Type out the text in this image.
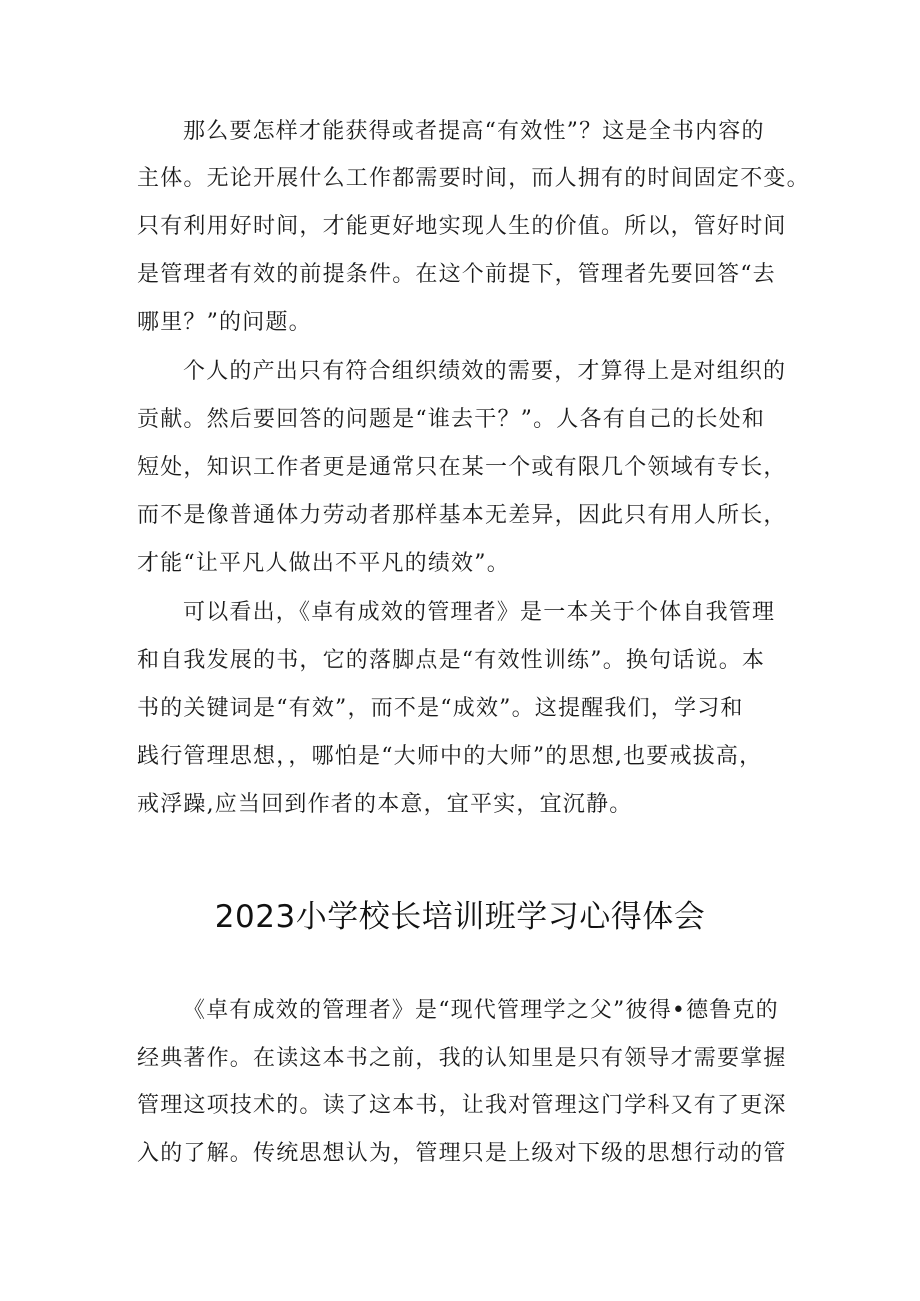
那么要怎样才能获得或者提高“有效性”？这是全书内容的
主体。无论开展什么工作都需要时间，而人拥有的时间固定不变。
只有利用好时间，才能更好地实现人生的价值。所以，管好时间
是管理者有效的前提条件。在这个前提下，管理者先要回答“去
哪里？”的问题。
个人的产出只有符合组织绩效的需要，才算得上是对组织的
贡献。然后要回答的问题是“谁去干？”。人各有自己的长处和
短处，知识工作者更是通常只在某一个或有限几个领域有专长，
而不是像普通体力劳动者那样基本无差异，因此只有用人所长，
才能“让平凡人做出不平凡的绩效”。
可以看出，《卓有成效的管理者》是一本关于个体自我管理
和自我发展的书，它的落脚点是“有效性训练”。换句话说。本
书的关键词是“有效”，而不是“成效”。这提醒我们，学习和
践行管理思想，，哪怕是“大师中的大师”的思想,也要戒拔高，
戒浮躁,应当回到作者的本意，宜平实，宜沉静。
2023小学校长培训班学习心得体会
《卓有成效的管理者》是“现代管理学之父”彼得•德鲁克的
经典著作。在读这本书之前，我的认知里是只有领导才需要掌握
管理这项技术的。读了这本书，让我对管理这门学科又有了更深
入的了解。传统思想认为，管理只是上级对下级的思想行动的管
